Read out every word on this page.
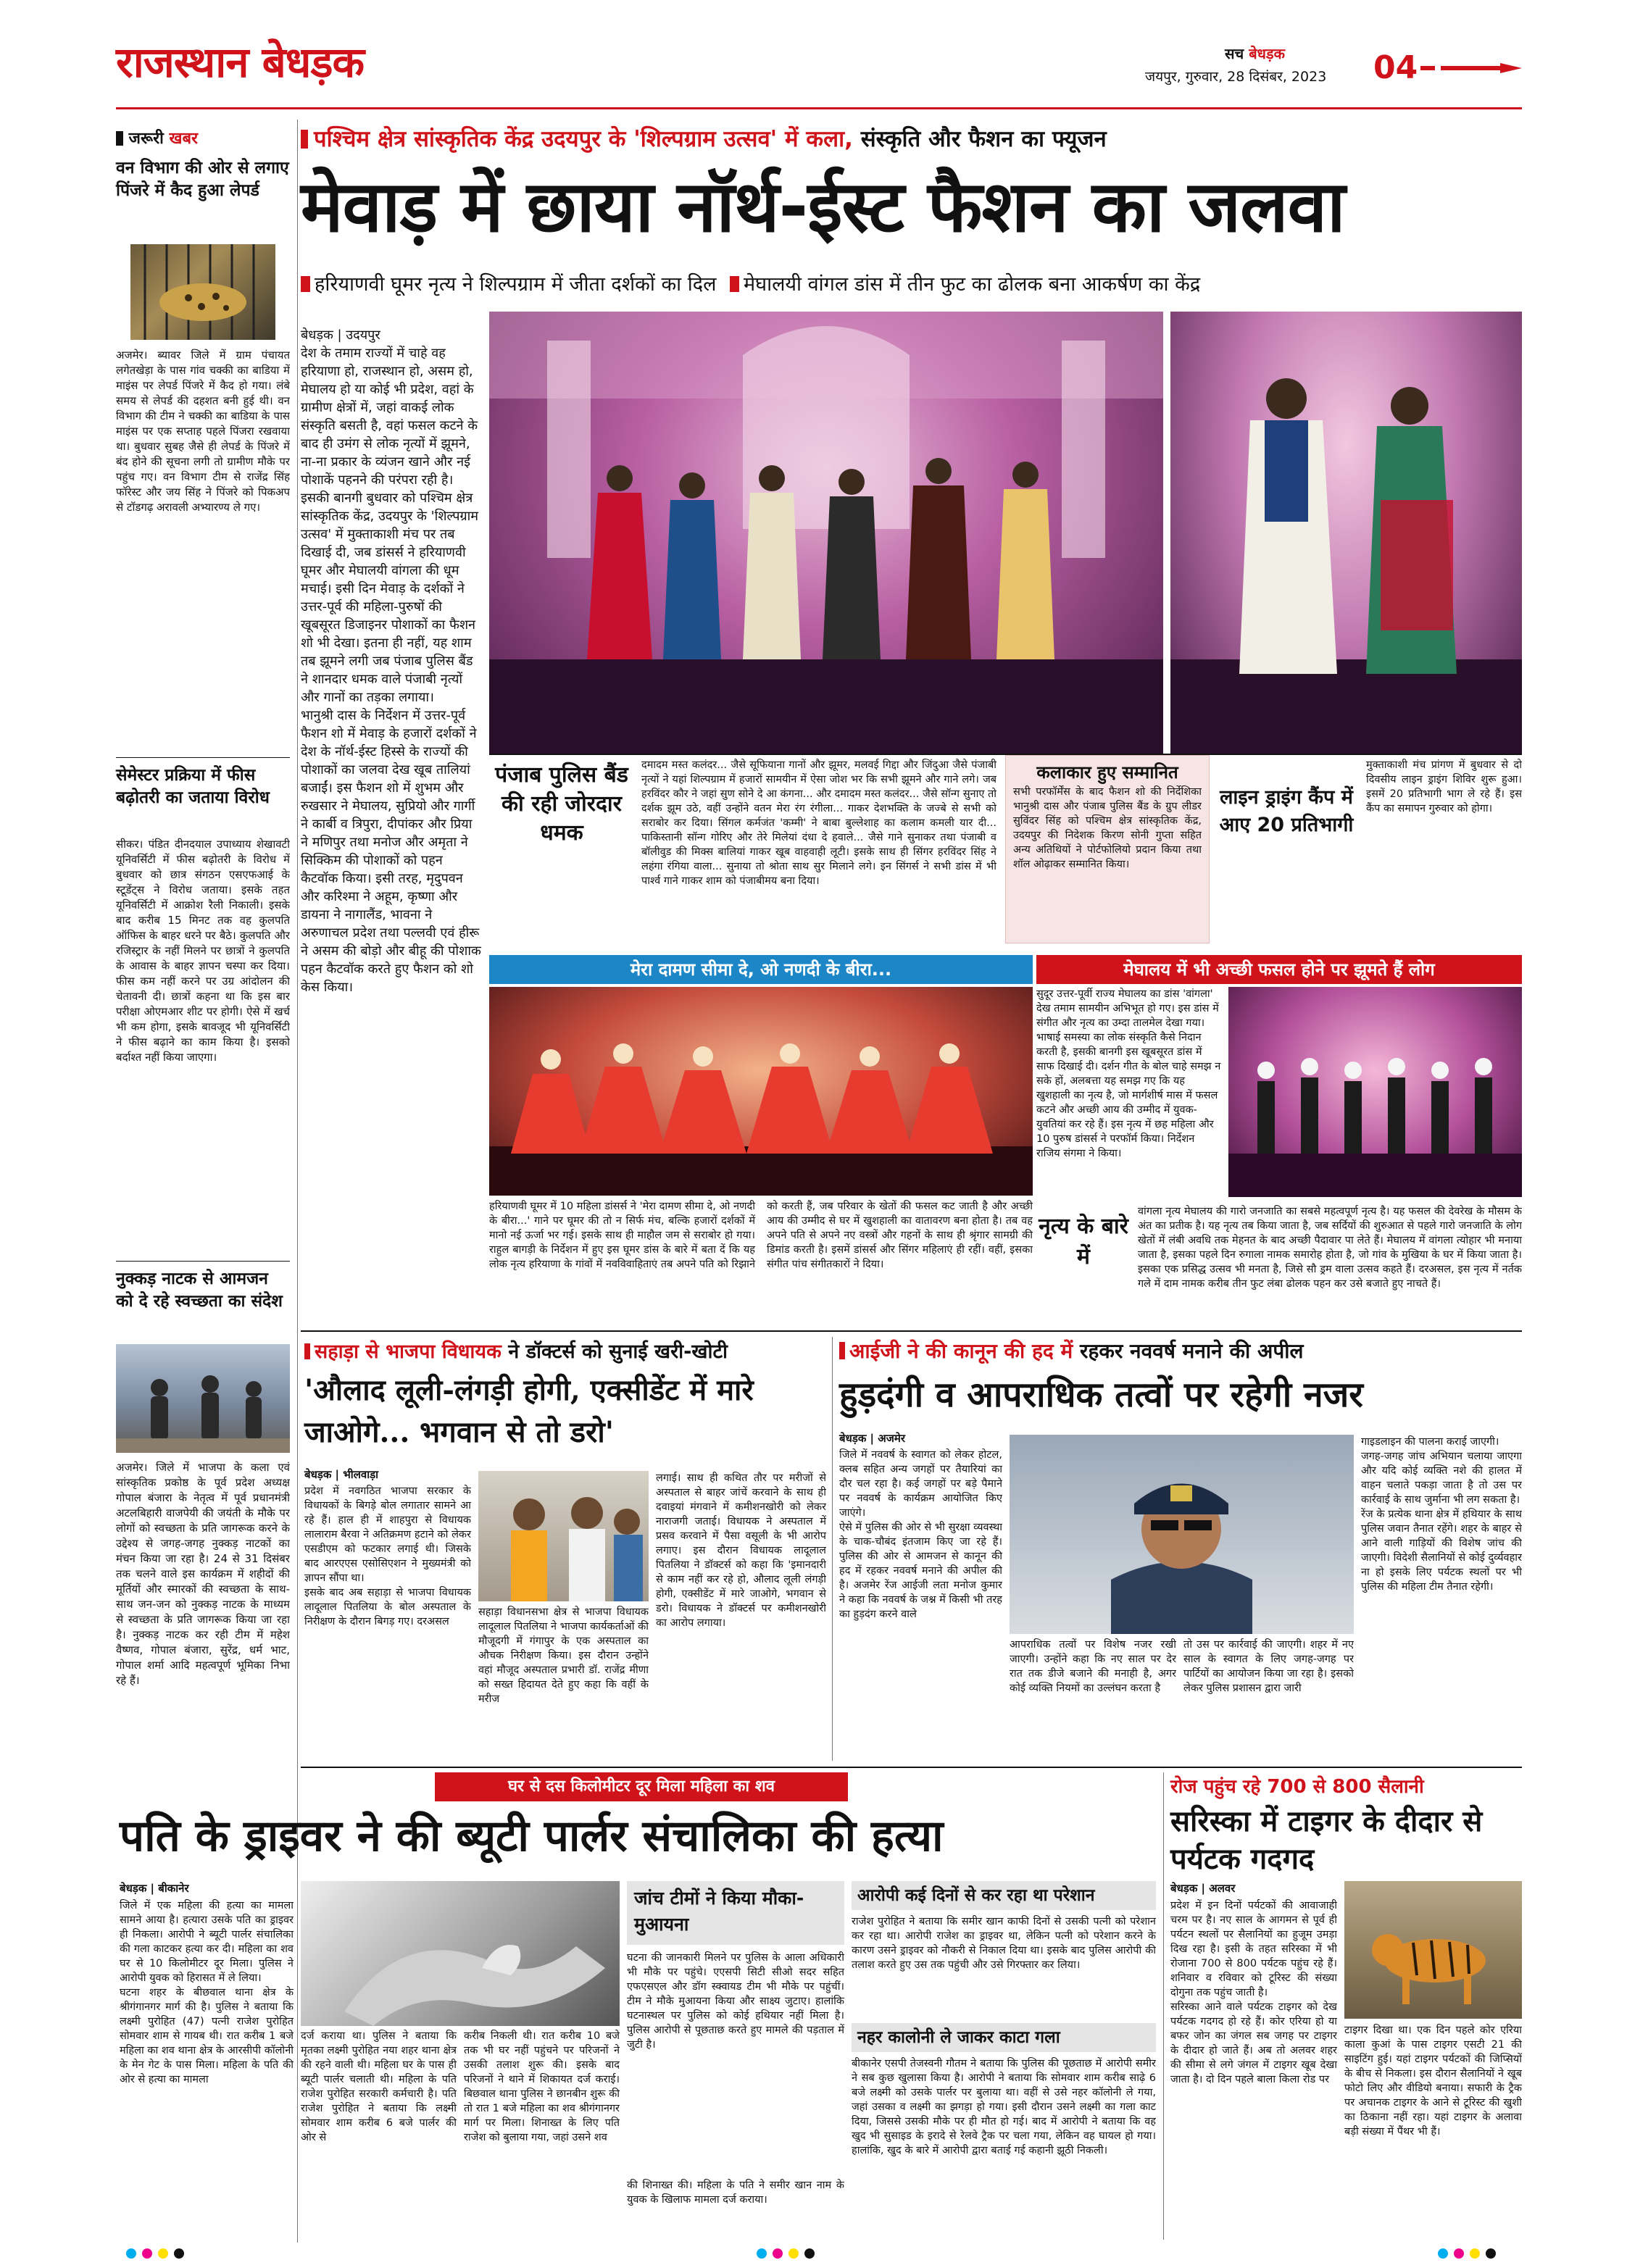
राजस्थान बेधड़क	सच बेधड़क
जयपुर, गुरुवार, 28 दिसंबर, 2023 04
जरूरी खबर
वन विभाग की ओर से लगाए पिंजरे में कैद हुआ लेपर्ड
अजमेर। ब्यावर जिले में ग्राम पंचायत लगेतखेड़ा के पास गांव चक्की का बाडिया में माइंस पर लेपर्ड पिंजरे में कैद हो गया। लंबे समय से लेपर्ड की दहशत बनी हुई थी। वन विभाग की टीम ने चक्की का बाडिया के पास माइंस पर एक सप्ताह पहले पिंजरा रखवाया था। बुधवार सुबह जैसे ही लेपर्ड के पिंजरे में बंद होने की सूचना लगी तो ग्रामीण मौके पर पहुंच गए। वन विभाग टीम से राजेंद्र सिंह फॉरेस्ट और जय सिंह ने पिंजरे को पिकअप से टॉडगढ़ अरावली अभ्यारण्य ले गए।
सेमेस्टर प्रक्रिया में फीस बढ़ोतरी का जताया विरोध
सीकर। पंडित दीनदयाल उपाध्याय शेखावटी यूनिवर्सिटी में फीस बढ़ोतरी के विरोध में बुधवार को छात्र संगठन एसएफआई के स्टूडेंट्स ने विरोध जताया। इसके तहत यूनिवर्सिटी में आक्रोश रैली निकाली। इसके बाद करीब 15 मिनट तक वह कुलपति ऑफिस के बाहर धरने पर बैठे। कुलपति और रजिस्ट्रार के नहीं मिलने पर छात्रों ने कुलपति के आवास के बाहर ज्ञापन चस्पा कर दिया। फीस कम नहीं करने पर उग्र आंदोलन की चेतावनी दी। छात्रों कहना था कि इस बार परीक्षा ओएमआर शीट पर होगी। ऐसे में खर्च भी कम होगा, इसके बावजूद भी यूनिवर्सिटी ने फीस बढ़ाने का काम किया है। इसको बर्दाश्त नहीं किया जाएगा।
नुक्कड़ नाटक से आमजन को दे रहे स्वच्छता का संदेश
अजमेर। जिले में भाजपा के कला एवं सांस्कृतिक प्रकोष्ठ के पूर्व प्रदेश अध्यक्ष गोपाल बंजारा के नेतृत्व में पूर्व प्रधानमंत्री अटलबिहारी वाजपेयी की जयंती के मौके पर लोगों को स्वच्छता के प्रति जागरूक करने के उद्देश्य से जगह-जगह नुक्कड़ नाटकों का मंचन किया जा रहा है। 24 से 31 दिसंबर तक चलने वाले इस कार्यक्रम में शहीदों की मूर्तियों और स्मारकों की स्वच्छता के साथ-साथ जन-जन को नुक्कड़ नाटक के माध्यम से स्वच्छता के प्रति जागरूक किया जा रहा है। नुक्कड़ नाटक कर रही टीम में महेश वैष्णव, गोपाल बंजारा, सुरेंद्र, धर्म भाट, गोपाल शर्मा आदि महत्वपूर्ण भूमिका निभा रहे हैं।
पश्चिम क्षेत्र सांस्कृतिक केंद्र उदयपुर के 'शिल्पग्राम उत्सव' में कला, संस्कृति और फैशन का फ्यूजन
मेवाड़ में छाया नॉर्थ-ईस्ट फैशन का जलवा
हरियाणवी घूमर नृत्य ने शिल्पग्राम में जीता दर्शकों का दिल मेघालयी वांगल डांस में तीन फुट का ढोलक बना आकर्षण का केंद्र

बेधड़क | उदयपुर
देश के तमाम राज्यों में चाहे वह हरियाणा हो, राजस्थान हो, असम हो, मेघालय हो या कोई भी प्रदेश, वहां के ग्रामीण क्षेत्रों में, जहां वाकई लोक संस्कृति बसती है, वहां फसल कटने के बाद ही उमंग से लोक नृत्यों में झूमने, ना-ना प्रकार के व्यंजन खाने और नई पोशाकें पहनने की परंपरा रही है। इसकी बानगी बुधवार को पश्चिम क्षेत्र सांस्कृतिक केंद्र, उदयपुर के 'शिल्पग्राम उत्सव' में मुक्ताकाशी मंच पर तब दिखाई दी, जब डांसर्स ने हरियाणवी घूमर और मेघालयी वांगला की धूम मचाई। इसी दिन मेवाड़ के दर्शकों ने उत्तर-पूर्व की महिला-पुरुषों की खूबसूरत डिजाइनर पोशाकों का फैशन शो भी देखा। इतना ही नहीं, यह शाम तब झूमने लगी जब पंजाब पुलिस बैंड ने शानदार धमक वाले पंजाबी नृत्यों और गानों का तड़का लगाया।
भानुश्री दास के निर्देशन में उत्तर-पूर्व फैशन शो में मेवाड़ के हजारों दर्शकों ने देश के नॉर्थ-ईस्ट हिस्से के राज्यों की पोशाकों का जलवा देख खूब तालियां बजाईं। इस फैशन शो में शुभम और रुखसार ने मेघालय, सुप्रियो और गार्गी ने कार्बी व त्रिपुरा, दीपांकर और प्रिया ने मणिपुर तथा मनोज और अमृता ने सिक्किम की पोशाकों को पहन कैटवॉक किया। इसी तरह, मृदुपवन और करिश्मा ने अहूम, कृष्णा और डायना ने नागालैंड, भावना ने अरुणाचल प्रदेश तथा पल्लवी एवं हीरू ने असम की बोड़ो और बीहू की पोशाक पहन कैटवॉक करते हुए फैशन को शो केस किया।

पंजाब पुलिस बैंड की रही जोरदार धमक
दमादम मस्त कलंदर... जैसे सूफियाना गानों और झूमर, मलवई गिद्दा और जिंदुआ जैसे पंजाबी नृत्यों ने यहां शिल्पग्राम में हजारों सामयीन में ऐसा जोश भर कि सभी झूमने और गाने लगे। जब हरविंदर कौर ने जहां सुण सोने दे आ कंगना... और दमादम मस्त कलंदर... जैसे सॉन्ग सुनाए तो दर्शक झूम उठे, वहीं उन्होंने वतन मेरा रंग रंगीला... गाकर देशभक्ति के जज्बे से सभी को सराबोर कर दिया। सिंगल कर्मजंत 'कम्मी' ने बाबा बुल्लेशाह का कलाम कमली यार दी... पाकिस्तानी सॉन्ग गोरिए और तेरे मिलेयां दंधा दे हवाले... जैसे गाने सुनाकर तथा पंजाबी व बॉलीवुड की मिक्स बालियां गाकर खूब वाहवाही लूटी। इसके साथ ही सिंगर हरविंदर सिंह ने लहंगा रंगिया वाला... सुनाया तो श्रोता साथ सुर मिलाने लगे। इन सिंगर्स ने सभी डांस में भी पार्श्व गाने गाकर शाम को पंजाबीमय बना दिया।
कलाकार हुए सम्मानित
सभी परफॉर्मेंस के बाद फैशन शो की निर्देशिका भानुश्री दास और पंजाब पुलिस बैंड के ग्रुप लीडर सुविंदर सिंह को पश्चिम क्षेत्र सांस्कृतिक केंद्र, उदयपुर की निदेशक किरण सोनी गुप्ता सहित अन्य अतिथियों ने पोर्टफोलियो प्रदान किया तथा शॉल ओढ़ाकर सम्मानित किया।
लाइन ड्राइंग कैंप में आए 20 प्रतिभागी
मुक्ताकाशी मंच प्रांगण में बुधवार से दो दिवसीय लाइन ड्राइंग शिविर शुरू हुआ। इसमें 20 प्रतिभागी भाग ले रहे हैं। इस कैंप का समापन गुरुवार को होगा।
मेरा दामण सीमा दे, ओ नणदी के बीरा...
हरियाणवी घूमर में 10 महिला डांसर्स ने 'मेरा दामण सीमा दे, ओ नणदी के बीरा...' गाने पर घूमर की तो न सिर्फ मंच, बल्कि हजारों दर्शकों में मानो नई ऊर्जा भर गई। इसके साथ ही माहौल जम से सराबोर हो गया। राहुल बागड़ी के निर्देशन में हुए इस घूमर डांस के बारे में बता दें कि यह लोक नृत्य हरियाणा के गांवों में नवविवाहिताएं तब अपने पति को रिझाने को करती हैं, जब परिवार के खेतों की फसल कट जाती है और अच्छी आय की उम्मीद से घर में खुशहाली का वातावरण बना होता है। तब वह अपने पति से अपने नए वस्त्रों और गहनों के साथ ही श्रृंगार सामग्री की डिमांड करती है। इसमें डांसर्स और सिंगर महिलाएं ही रहीं। वहीं, इसका संगीत पांच संगीतकारों ने दिया।
मेघालय में भी अच्छी फसल होने पर झूमते हैं लोग
सुदूर उत्तर-पूर्वी राज्य मेघालय का डांस 'वांगला' देख तमाम सामयीन अभिभूत हो गए। इस डांस में संगीत और नृत्य का उम्दा तालमेल देखा गया। भाषाई समस्या का लोक संस्कृति कैसे निदान करती है, इसकी बानगी इस खूबसूरत डांस में साफ दिखाई दी। दर्शन गीत के बोल चाहे समझ न सके हों, अलबत्ता यह समझ गए कि यह खुशहाली का नृत्य है, जो मार्गशीर्ष मास में फसल कटने और अच्छी आय की उम्मीद में युवक-युवतियां कर रहे हैं। इस नृत्य में छह महिला और 10 पुरुष डांसर्स ने परफॉर्म किया। निर्देशन राजिय संगमा ने किया।
नृत्य के बारे में
वांगला नृत्य मेघालय की गारो जनजाति का सबसे महत्वपूर्ण नृत्य है। यह फसल की देवरेख के मौसम के अंत का प्रतीक है। यह नृत्य तब किया जाता है, जब सर्दियों की शुरुआत से पहले गारो जनजाति के लोग खेतों में लंबी अवधि तक मेहनत के बाद अच्छी पैदावार पा लेते हैं। मेघालय में वांगला त्योहार भी मनाया जाता है, इसका पहले दिन रुगाला नामक समारोह होता है, जो गांव के मुखिया के घर में किया जाता है। इसका एक प्रसिद्ध उत्सव भी मनता है, जिसे सौ ड्रम वाला उत्सव कहते हैं। दरअसल, इस नृत्य में नर्तक गले में दाम नामक करीब तीन फुट लंबा ढोलक पहन कर उसे बजाते हुए नाचते हैं।
सहाड़ा से भाजपा विधायक ने डॉक्टर्स को सुनाई खरी-खोटी
'औलाद लूली-लंगड़ी होगी, एक्सीडेंट में मारे जाओगे... भगवान से तो डरो'
बेधड़क | भीलवाड़ा
प्रदेश में नवगठित भाजपा सरकार के विधायकों के बिगड़े बोल लगातार सामने आ रहे हैं। हाल ही में शाहपुरा से विधायक लालाराम बैरवा ने अतिक्रमण हटाने को लेकर एसडीएम को फटकार लगाई थी। जिसके बाद आरएएस एसोसिएशन ने मुख्यमंत्री को ज्ञापन सौंपा था।
इसके बाद अब सहाड़ा से भाजपा विधायक लादूलाल पितलिया के बोल अस्पताल के निरीक्षण के दौरान बिगड़ गए। दरअसल
सहाड़ा विधानसभा क्षेत्र से भाजपा विधायक लादूलाल पितलिया ने भाजपा कार्यकर्ताओं की मौजूदगी में गंगापुर के एक अस्पताल का औचक निरीक्षण किया। इस दौरान उन्होंने वहां मौजूद अस्पताल प्रभारी डॉ. राजेंद्र मीणा को सख्त हिदायत देते हुए कहा कि वहीं के मरीज
लगाई। साथ ही कथित तौर पर मरीजों से अस्पताल से बाहर जांचें करवाने के साथ ही दवाइयां मंगवाने में कमीशनखोरी को लेकर नाराजगी जताई। विधायक ने अस्पताल में प्रसव करवाने में पैसा वसूली के भी आरोप लगाए। इस दौरान विधायक लादूलाल पितलिया ने डॉक्टर्स को कहा कि 'इमानदारी से काम नहीं कर रहे हो, औलाद लूली लंगड़ी होगी, एक्सीडेंट में मारे जाओगे, भगवान से डरो। विधायक ने डॉक्टर्स पर कमीशनखोरी का आरोप लगाया।
आईजी ने की कानून की हद में रहकर नववर्ष मनाने की अपील
हुड़दंगी व आपराधिक तत्वों पर रहेगी नजर
बेधड़क | अजमेर
जिले में नववर्ष के स्वागत को लेकर होटल, क्लब सहित अन्य जगहों पर तैयारियां का दौर चल रहा है। कई जगहों पर बड़े पैमाने पर नववर्ष के कार्यक्रम आयोजित किए जाएंगे।
ऐसे में पुलिस की ओर से भी सुरक्षा व्यवस्था के चाक-चौबंद इंतजाम किए जा रहे हैं। पुलिस की ओर से आमजन से कानून की हद में रहकर नववर्ष मनाने की अपील की है। अजमेर रेंज आईजी लता मनोज कुमार ने कहा कि नववर्ष के जश्न में किसी भी तरह का हुड़दंग करने वाले
आपराधिक तत्वों पर विशेष नजर रखी जाएगी। उन्होंने कहा कि नए साल पर देर रात तक डीजे बजाने की मनाही है, अगर कोई व्यक्ति नियमों का उल्लंघन करता है
तो उस पर कार्रवाई की जाएगी। शहर में नए साल के स्वागत के लिए जगह-जगह पर पार्टियों का आयोजन किया जा रहा है। इसको लेकर पुलिस प्रशासन द्वारा जारी
गाइडलाइन की पालना कराई जाएगी।
जगह-जगह जांच अभियान चलाया जाएगा और यदि कोई व्यक्ति नशे की हालत में वाहन चलाते पकड़ा जाता है तो उस पर कार्रवाई के साथ जुर्माना भी लग सकता है।
रेंज के प्रत्येक थाना क्षेत्र में हथियार के साथ पुलिस जवान तैनात रहेंगे। शहर के बाहर से आने वाली गाड़ियों की विशेष जांच की जाएगी। विदेशी सैलानियों से कोई दुर्व्यवहार ना हो इसके लिए पर्यटक स्थलों पर भी पुलिस की महिला टीम तैनात रहेगी।
घर से दस किलोमीटर दूर मिला महिला का शव
पति के ड्राइवर ने की ब्यूटी पार्लर संचालिका की हत्या
बेधड़क | बीकानेर
जिले में एक महिला की हत्या का मामला सामने आया है। हत्यारा उसके पति का ड्राइवर ही निकला। आरोपी ने ब्यूटी पार्लर संचालिका की गला काटकर हत्या कर दी। महिला का शव घर से 10 किलोमीटर दूर मिला। पुलिस ने आरोपी युवक को हिरासत में ले लिया।
घटना शहर के बीछवाल थाना क्षेत्र के श्रीगंगानगर मार्ग की है। पुलिस ने बताया कि लक्ष्मी पुरोहित (47) पत्नी राजेश पुरोहित सोमवार शाम से गायब थी। रात करीब 1 बजे महिला का शव थाना क्षेत्र के आरसीपी कॉलोनी के मेन गेट के पास मिला। महिला के पति की ओर से हत्या का मामला
दर्ज कराया था। पुलिस ने बताया कि मृतका लक्ष्मी पुरोहित नया शहर थाना क्षेत्र की रहने वाली थी। महिला घर के पास ही ब्यूटी पार्लर चलाती थी। महिला के पति राजेश पुरोहित सरकारी कर्मचारी है। पति राजेश पुरोहित ने बताया कि लक्ष्मी सोमवार शाम करीब 6 बजे पार्लर की ओर से
करीब निकली थी। रात करीब 10 बजे तक भी घर नहीं पहुंचने पर परिजनों ने उसकी तलाश शुरू की। इसके बाद परिजनों ने थाने में शिकायत दर्ज कराई। बिछवाल थाना पुलिस ने छानबीन शुरू की तो रात 1 बजे महिला का शव श्रीगंगानगर मार्ग पर मिला। शिनाख्त के लिए पति राजेश को बुलाया गया, जहां उसने शव
जांच टीमों ने किया मौका-मुआयना
घटना की जानकारी मिलने पर पुलिस के आला अधिकारी भी मौके पर पहुंचे। एएसपी सिटी सीओ सदर सहित एफएसएल और डॉग स्क्वायड टीम भी मौके पर पहुंचीं। टीम ने मौके मुआयना किया और साक्ष्य जुटाए। हालांकि घटनास्थल पर पुलिस को कोई हथियार नहीं मिला है। पुलिस आरोपी से पूछताछ करते हुए मामले की पड़ताल में जुटी है।
की शिनाख्त की। महिला के पति ने समीर खान नाम के युवक के खिलाफ मामला दर्ज कराया।
आरोपी कई दिनों से कर रहा था परेशान
राजेश पुरोहित ने बताया कि समीर खान काफी दिनों से उसकी पत्नी को परेशान कर रहा था। आरोपी राजेश का ड्राइवर था, लेकिन पत्नी को परेशान करने के कारण उसने ड्राइवर को नौकरी से निकाल दिया था। इसके बाद पुलिस आरोपी की तलाश करते हुए उस तक पहुंची और उसे गिरफ्तार कर लिया।
नहर कालोनी ले जाकर काटा गला
बीकानेर एसपी तेजस्वनी गौतम ने बताया कि पुलिस की पूछताछ में आरोपी समीर ने सब कुछ खुलासा किया है। आरोपी ने बताया कि सोमवार शाम करीब साढ़े 6 बजे लक्ष्मी को उसके पार्लर पर बुलाया था। वहीं से उसे नहर कॉलोनी ले गया, जहां उसका व लक्ष्मी का झगड़ा हो गया। इसी दौरान उसने लक्ष्मी का गला काट दिया, जिससे उसकी मौके पर ही मौत हो गई। बाद में आरोपी ने बताया कि वह खुद भी सुसाइड के इरादे से रेलवे ट्रैक पर चला गया, लेकिन वह घायल हो गया। हालांकि, खुद के बारे में आरोपी द्वारा बताई गई कहानी झूठी निकली।
रोज पहुंच रहे 700 से 800 सैलानी
सरिस्का में टाइगर के दीदार से पर्यटक गदगद
बेधड़क | अलवर
प्रदेश में इन दिनों पर्यटकों की आवाजाही चरम पर है। नए साल के आगमन से पूर्व ही पर्यटन स्थलों पर सैलानियों का हुजूम उमड़ा दिख रहा है। इसी के तहत सरिस्का में भी रोजाना 700 से 800 पर्यटक पहुंच रहे हैं। शनिवार व रविवार को टूरिस्ट की संख्या दोगुना तक पहुंच जाती है।
सरिस्का आने वाले पर्यटक टाइगर को देख पर्यटक गदगद हो रहे हैं। कोर एरिया हो या बफर जोन का जंगल सब जगह पर टाइगर के दीदार हो जाते हैं। अब तो अलवर शहर की सीमा से लगे जंगल में टाइगर खूब देखा जाता है। दो दिन पहले बाला किला रोड पर
टाइगर दिखा था। एक दिन पहले कोर एरिया काला कुआं के पास टाइगर एसटी 21 की साइटिंग हुई। यहां टाइगर पर्यटकों की जिप्सियों के बीच से निकला। इस दौरान सैलानियों ने खूब फोटो लिए और वीडियो बनाया। सफारी के ट्रैक पर अचानक टाइगर के आने से टूरिस्ट की खुशी का ठिकाना नहीं रहा। यहां टाइगर के अलावा बड़ी संख्या में पैंथर भी हैं।
